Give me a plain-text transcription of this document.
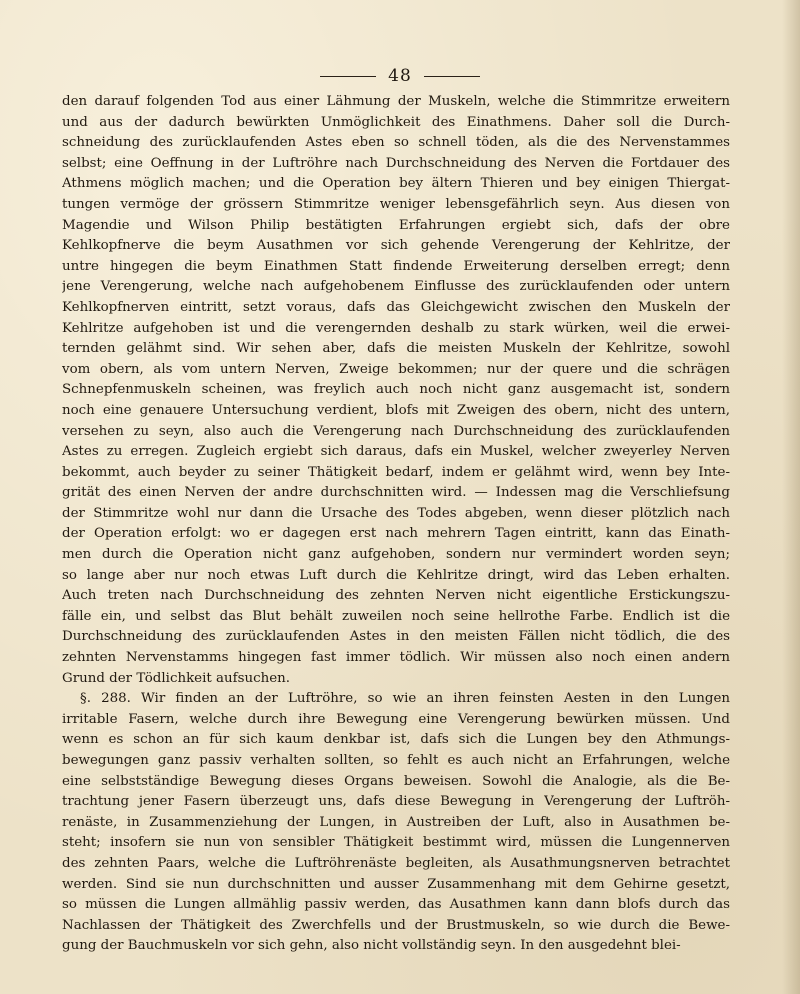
48
den darauf folgenden Tod aus einer Lähmung der Muskeln, welche die Stimmritze erweitern
und aus der dadurch bewürkten Unmöglichkeit des Einathmens. Daher soll die Durch-
schneidung des zurücklaufenden Astes eben so schnell töden, als die des Nervenstammes
selbst; eine Oeffnung in der Luftröhre nach Durchschneidung des Nerven die Fortdauer des
Athmens möglich machen; und die Operation bey ältern Thieren und bey einigen Thiergat-
tungen vermöge der grössern Stimmritze weniger lebensgefährlich seyn. Aus diesen von
Magendie und Wilson Philip bestätigten Erfahrungen ergiebt sich, dafs der obre
Kehlkopfnerve die beym Ausathmen vor sich gehende Verengerung der Kehlritze, der
untre hingegen die beym Einathmen Statt findende Erweiterung derselben erregt; denn
jene Verengerung, welche nach aufgehobenem Einflusse des zurücklaufenden oder untern
Kehlkopfnerven eintritt, setzt voraus, dafs das Gleichgewicht zwischen den Muskeln der
Kehlritze aufgehoben ist und die verengernden deshalb zu stark würken, weil die erwei-
ternden gelähmt sind. Wir sehen aber, dafs die meisten Muskeln der Kehlritze, sowohl
vom obern, als vom untern Nerven, Zweige bekommen; nur der quere und die schrägen
Schnepfenmuskeln scheinen, was freylich auch noch nicht ganz ausgemacht ist, sondern
noch eine genauere Untersuchung verdient, blofs mit Zweigen des obern, nicht des untern,
versehen zu seyn, also auch die Verengerung nach Durchschneidung des zurücklaufenden
Astes zu erregen. Zugleich ergiebt sich daraus, dafs ein Muskel, welcher zweyerley Nerven
bekommt, auch beyder zu seiner Thätigkeit bedarf, indem er gelähmt wird, wenn bey Inte-
grität des einen Nerven der andre durchschnitten wird. — Indessen mag die Verschliefsung
der Stimmritze wohl nur dann die Ursache des Todes abgeben, wenn dieser plötzlich nach
der Operation erfolgt: wo er dagegen erst nach mehrern Tagen eintritt, kann das Einath-
men durch die Operation nicht ganz aufgehoben, sondern nur vermindert worden seyn;
so lange aber nur noch etwas Luft durch die Kehlritze dringt, wird das Leben erhalten.
Auch treten nach Durchschneidung des zehnten Nerven nicht eigentliche Erstickungszu-
fälle ein, und selbst das Blut behält zuweilen noch seine hellrothe Farbe. Endlich ist die
Durchschneidung des zurücklaufenden Astes in den meisten Fällen nicht tödlich, die des
zehnten Nervenstamms hingegen fast immer tödlich. Wir müssen also noch einen andern
Grund der Tödlichkeit aufsuchen.
§. 288. Wir finden an der Luftröhre, so wie an ihren feinsten Aesten in den Lungen
irritable Fasern, welche durch ihre Bewegung eine Verengerung bewürken müssen. Und
wenn es schon an für sich kaum denkbar ist, dafs sich die Lungen bey den Athmungs-
bewegungen ganz passiv verhalten sollten, so fehlt es auch nicht an Erfahrungen, welche
eine selbstständige Bewegung dieses Organs beweisen. Sowohl die Analogie, als die Be-
trachtung jener Fasern überzeugt uns, dafs diese Bewegung in Verengerung der Luftröh-
renäste, in Zusammenziehung der Lungen, in Austreiben der Luft, also in Ausathmen be-
steht; insofern sie nun von sensibler Thätigkeit bestimmt wird, müssen die Lungennerven
des zehnten Paars, welche die Luftröhrenäste begleiten, als Ausathmungsnerven betrachtet
werden. Sind sie nun durchschnitten und ausser Zusammenhang mit dem Gehirne gesetzt,
so müssen die Lungen allmählig passiv werden, das Ausathmen kann dann blofs durch das
Nachlassen der Thätigkeit des Zwerchfells und der Brustmuskeln, so wie durch die Bewe-
gung der Bauchmuskeln vor sich gehn, also nicht vollständig seyn. In den ausgedehnt blei-
